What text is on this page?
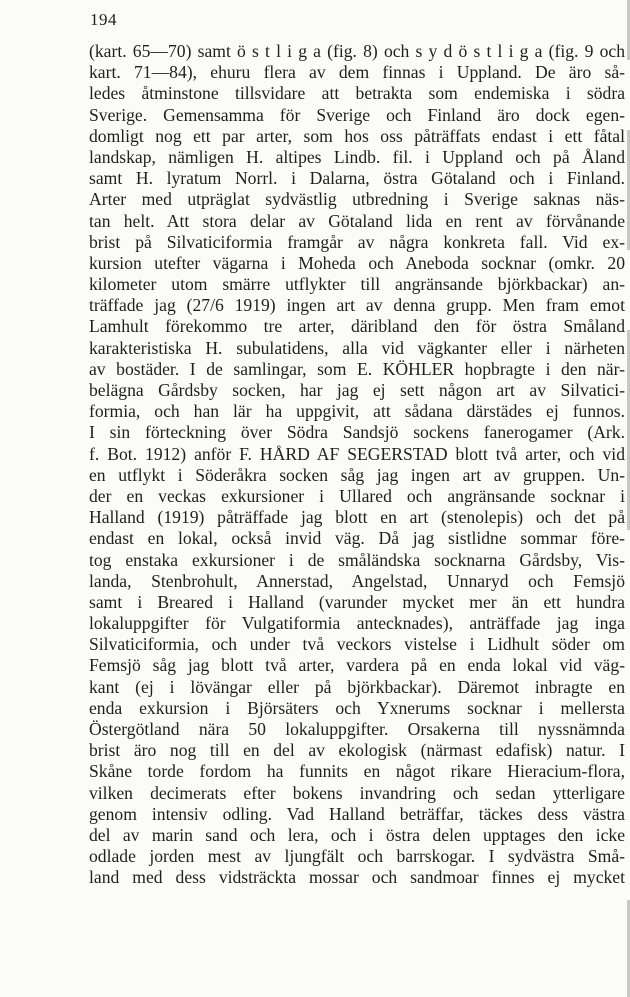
194
(kart. 65—70) samt ö s t l i g a (fig. 8) och s y d ö s t l i g a (fig. 9 och
kart. 71—84), ehuru flera av dem finnas i Uppland. De äro så-
ledes åtminstone tillsvidare att betrakta som endemiska i södra
Sverige. Gemensamma för Sverige och Finland äro dock egen-
domligt nog ett par arter, som hos oss påträffats endast i ett fåtal
landskap, nämligen H. altipes Lindb. fil. i Uppland och på Åland
samt H. lyratum Norrl. i Dalarna, östra Götaland och i Finland.
Arter med utpräglat sydvästlig utbredning i Sverige saknas näs-
tan helt. Att stora delar av Götaland lida en rent av förvånande
brist på Silvaticiformia framgår av några konkreta fall. Vid ex-
kursion utefter vägarna i Moheda och Aneboda socknar (omkr. 20
kilometer utom smärre utflykter till angränsande björkbackar) an-
träffade jag (27/6 1919) ingen art av denna grupp. Men fram emot
Lamhult förekommo tre arter, däribland den för östra Småland
karakteristiska H. subulatidens, alla vid vägkanter eller i närheten
av bostäder. I de samlingar, som E. KÖHLER hopbragte i den när-
belägna Gårdsby socken, har jag ej sett någon art av Silvatici-
formia, och han lär ha uppgivit, att sådana därstädes ej funnos.
I sin förteckning över Södra Sandsjö sockens fanerogamer (Ark.
f. Bot. 1912) anför F. HÅRD AF SEGERSTAD blott två arter, och vid
en utflykt i Söderåkra socken såg jag ingen art av gruppen. Un-
der en veckas exkursioner i Ullared och angränsande socknar i
Halland (1919) påträffade jag blott en art (stenolepis) och det på
endast en lokal, också invid väg. Då jag sistlidne sommar före-
tog enstaka exkursioner i de småländska socknarna Gårdsby, Vis-
landa, Stenbrohult, Annerstad, Angelstad, Unnaryd och Femsjö
samt i Breared i Halland (varunder mycket mer än ett hundra
lokaluppgifter för Vulgatiformia antecknades), anträffade jag inga
Silvaticiformia, och under två veckors vistelse i Lidhult söder om
Femsjö såg jag blott två arter, vardera på en enda lokal vid väg-
kant (ej i lövängar eller på björkbackar). Däremot inbragte en
enda exkursion i Björsäters och Yxnerums socknar i mellersta
Östergötland nära 50 lokaluppgifter. Orsakerna till nyssnämnda
brist äro nog till en del av ekologisk (närmast edafisk) natur. I
Skåne torde fordom ha funnits en något rikare Hieracium-flora,
vilken decimerats efter bokens invandring och sedan ytterligare
genom intensiv odling. Vad Halland beträffar, täckes dess västra
del av marin sand och lera, och i östra delen upptages den icke
odlade jorden mest av ljungfält och barrskogar. I sydvästra Små-
land med dess vidsträckta mossar och sandmoar finnes ej mycket
